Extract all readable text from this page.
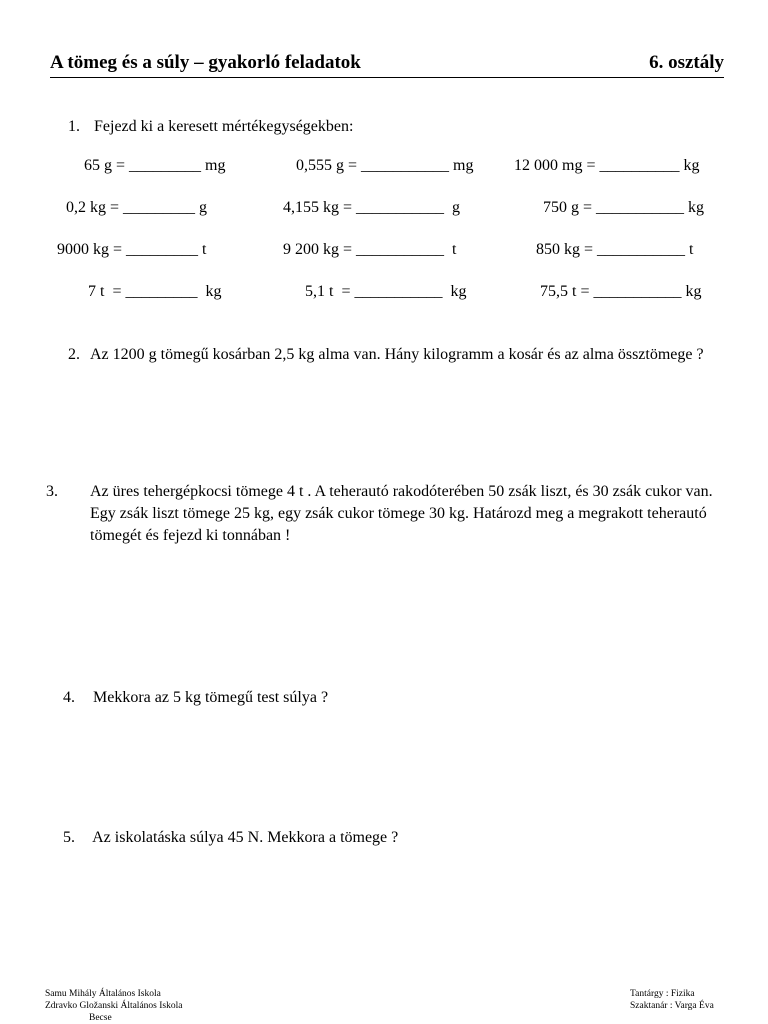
A tömeg és a súly – gyakorló feladatok	6. osztály
1. Fejezd ki a keresett mértékegységekben:
65 g = _________ mg	0,555 g = ___________ mg	12 000 mg = __________ kg
0,2 kg = _________ g	4,155 kg = ___________  g	750 g = ___________ kg
9000 kg = _________ t	9 200 kg = ___________  t	850 kg = ___________ t
7 t  = _________  kg	5,1 t  = ___________  kg	75,5 t = ___________ kg
2. Az 1200 g tömegű kosárban 2,5 kg alma van. Hány kilogramm a kosár és az alma össztömege ?
3. Az üres tehergépkocsi tömege 4 t . A teherautó rakodóterében 50 zsák liszt, és 30 zsák cukor van. Egy zsák liszt tömege 25 kg, egy zsák cukor tömege 30 kg. Határozd meg a megrakott teherautó tömegét és fejezd ki tonnában !
4. Mekkora az 5 kg tömegű test súlya ?
5. Az iskolatáska súlya 45 N. Mekkora a tömege ?
Samu Mihály Általános Iskola
Zdravko Gložanski Általános Iskola
Becse
Tantárgy : Fizika
Szaktanár : Varga Éva
